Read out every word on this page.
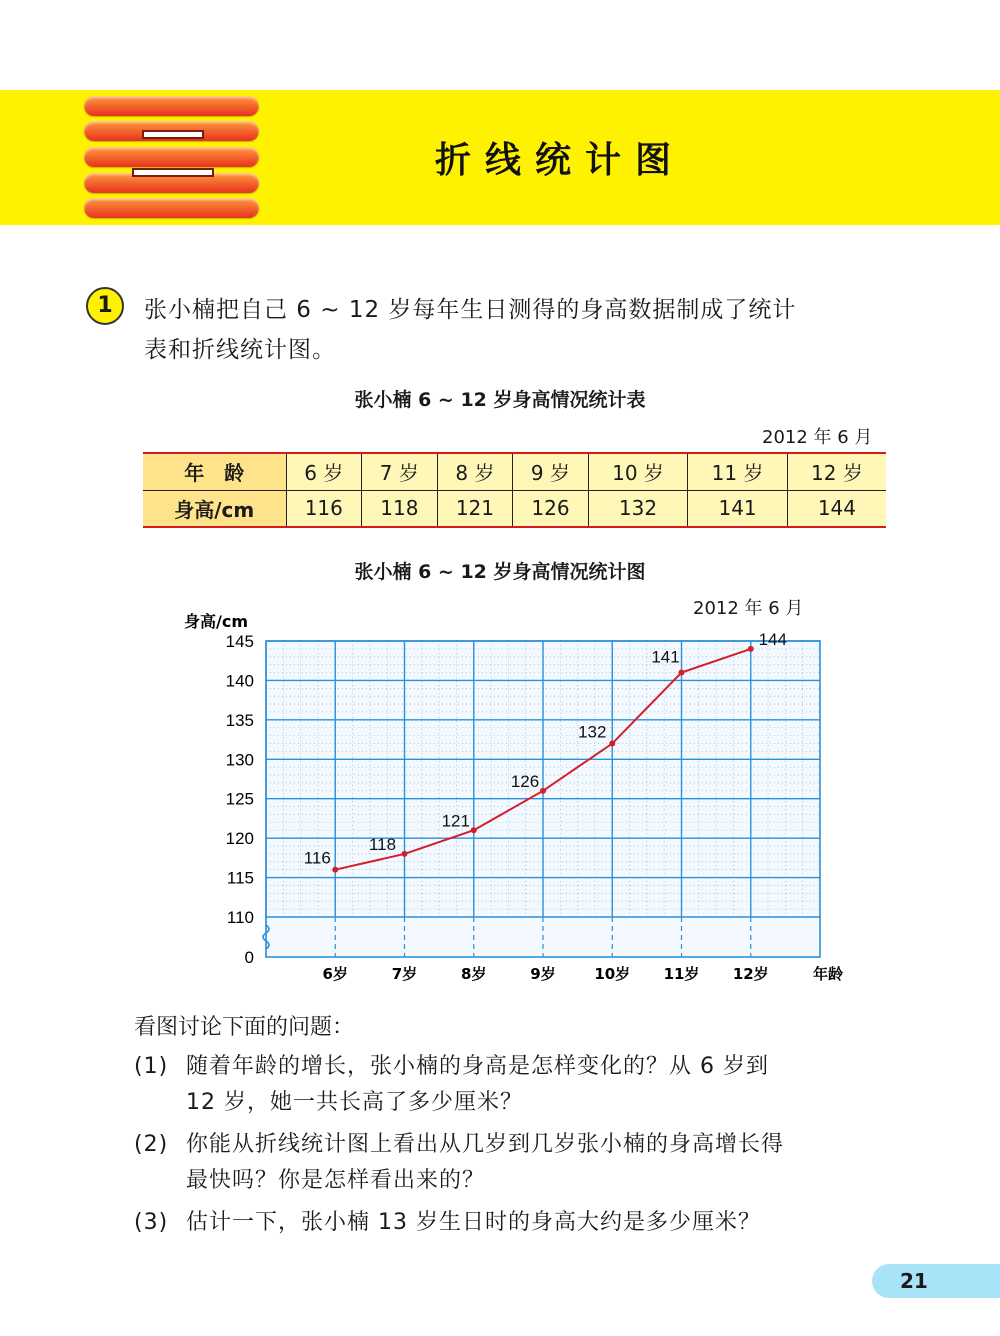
折线统计图
1	张小楠把自己 6 ~ 12 岁每年生日测得的身高数据制成了统计
表和折线统计图。
张小楠 6 ~ 12 岁身高情况统计表
2012 年 6 月
年　龄	6 岁	7 岁	8 岁	9 岁	10 岁	11 岁	12 岁
身高/cm	116	118	121	126	132	141	144
张小楠 6 ~ 12 岁身高情况统计图
2012 年 6 月
0
110
115
120
125
130
135
140
145
6岁	7岁	8岁	9岁	10岁 11岁 12岁
身高/cm
年龄
116
118
121
126
132
141
144
看图讨论下面的问题：
(1) 随着年龄的增长，张小楠的身高是怎样变化的？从 6 岁到
12 岁，她一共长高了多少厘米？
(2) 你能从折线统计图上看出从几岁到几岁张小楠的身高增长得
最快吗？你是怎样看出来的？
(3) 估计一下，张小楠 13 岁生日时的身高大约是多少厘米？
21
